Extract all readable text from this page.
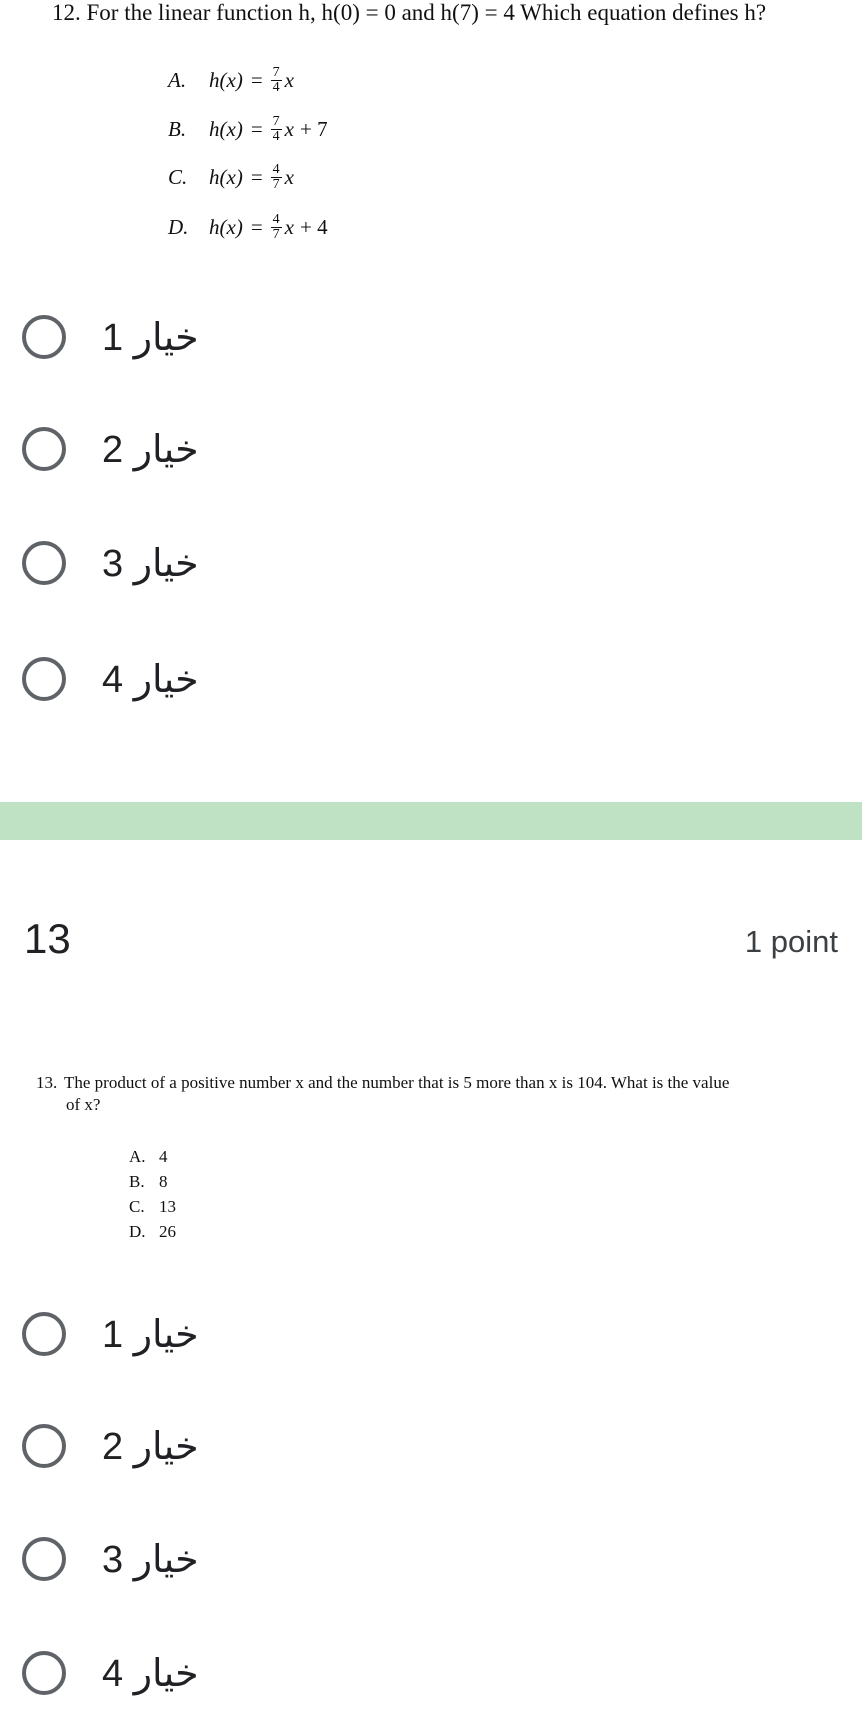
12. For the linear function h, h(0) = 0 and h(7) = 4 Which equation defines h?
A.	$h(x) = \frac{7}{4}$ x
B.	$h(x) = \frac{7}{4}$ x + 7
C.	$h(x) = \frac{4}{7}$ x
D. $h(x) = \frac{4}{7}$ x + 4
خيار 1
خيار 2
خيار 3
خيار 4
13	1 point
13. The product of a positive number x and the number that is 5 more than x is 104. What is the value
of x?
A. 4
B. 8
C. 13
D. 26
خيار 1
خيار 2
خيار 3
خيار 4
